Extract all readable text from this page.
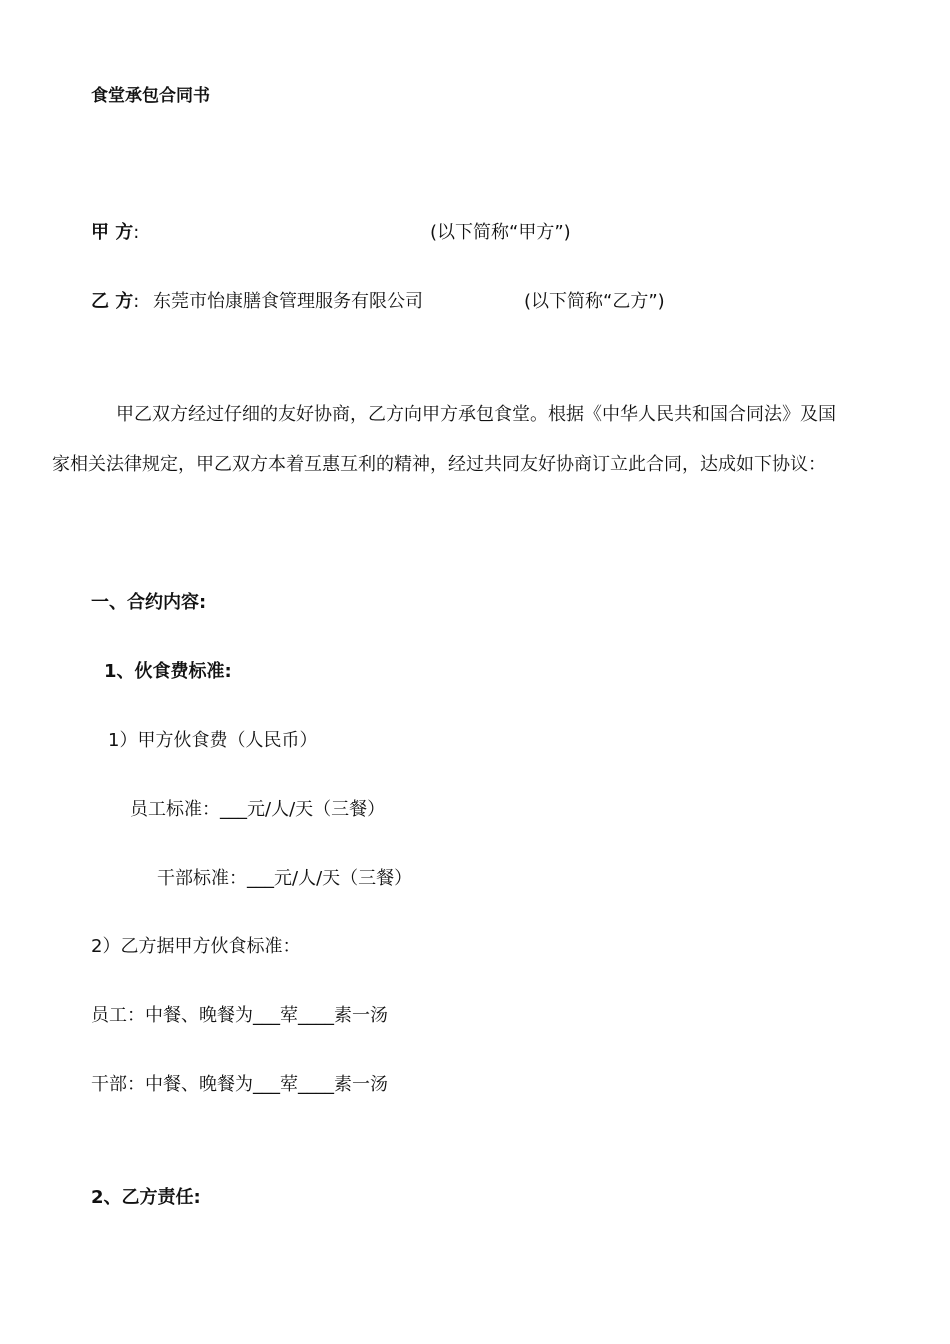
食堂承包合同书
甲 方:	(以下简称“甲方”)
乙 方: 东莞市怡康膳食管理服务有限公司	(以下简称“乙方”)
甲乙双方经过仔细的友好协商，乙方向甲方承包食堂。根据《中华人民共和国合同法》及国
家相关法律规定，甲乙双方本着互惠互利的精神，经过共同友好协商订立此合同，达成如下协议：
一、合约内容:
1、伙食费标准:
1）甲方伙食费（人民币）
员工标准：___元/人/天（三餐）
干部标准：___元/人/天（三餐）
2）乙方据甲方伙食标准：
员工：中餐、晚餐为___荤____素一汤
干部：中餐、晚餐为___荤____素一汤
2、乙方责任:
